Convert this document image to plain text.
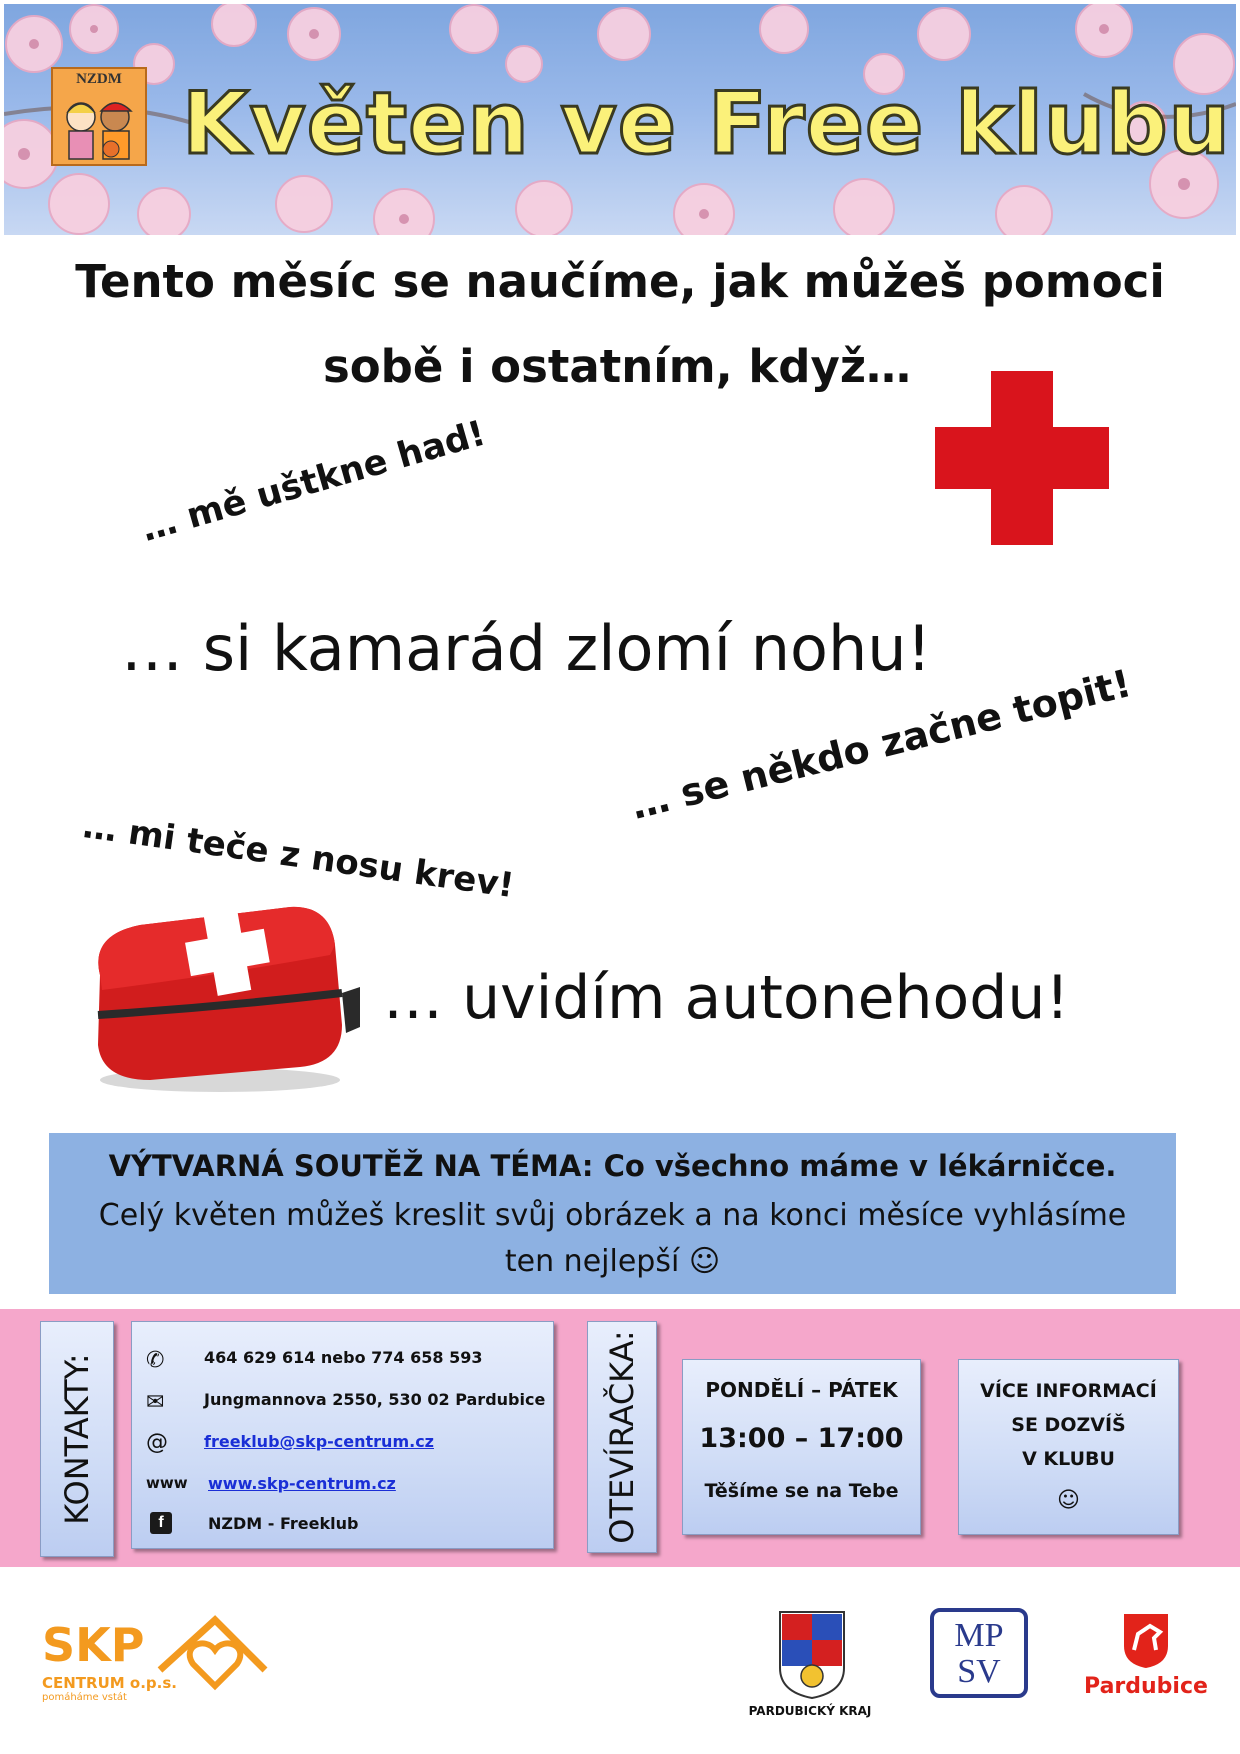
NZDM Květen ve Free klubu
Tento měsíc se naučíme, jak můžeš pomoci
sobě i ostatním, když…
… mě uštkne had!
… si kamarád zlomí nohu!
… se někdo začne topit!
… mi teče z nosu krev!
… uvidím autonehodu!
VÝTVARNÁ SOUTĚŽ NA TÉMA: Co všechno máme v lékárničce.
Celý květen můžeš kreslit svůj obrázek a na konci měsíce vyhlásíme
ten nejlepší ☺
KONTAKTY: ✆ 464 629 614 nebo 774 658 593
✉ Jungmannova 2550, 530 02 Pardubice
@ freeklub@skp-centrum.cz
www www.skp-centrum.cz
f	NZDM - Freeklub	OTEVÍRAČKA:	PONDĚLÍ – PÁTEK
13:00 – 17:00
Těšíme se na Tebe
VÍCE INFORMACÍ
SE DOZVÍŠ
V KLUBU
☺
SKP
CENTRUM o.p.s.
pomáháme vstát
PARDUBICKÝ KRAJ
MP
SV	Pardubice
